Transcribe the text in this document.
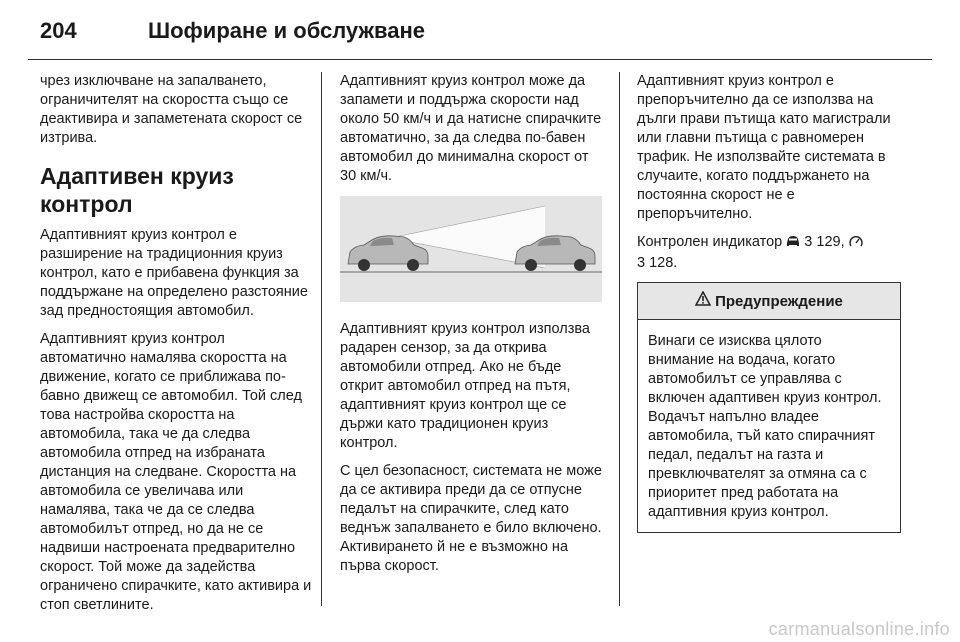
204	Шофиране и обслужване

чрез изключване на запалването, ограничителят на скоростта също се деактивира и запаметената скорост се изтрива.

Адаптивен круиз контрол

Адаптивният круиз контрол е разширение на традиционния круиз контрол, като е прибавена функция за поддържане на определено разстояние зад предностоящия автомобил.

Адаптивният круиз контрол автоматично намалява скоростта на движение, когато се приближава по-бавно движещ се автомобил. Той след това настройва скоростта на автомобила, така че да следва автомобила отпред на избраната дистанция на следване. Скоростта на автомобила се увеличава или намалява, така че да се следва автомобилът отпред, но да не се надвиши настроената предварително скорост. Той може да задейства ограничено спирачките, като активира и стоп светлините.

Адаптивният круиз контрол може да запамети и поддържа скорости над около 50 км/ч и да натисне спирачките автоматично, за да следва по-бавен автомобил до минимална скорост от 30 км/ч.

Адаптивният круиз контрол използва радарен сензор, за да открива автомобили отпред. Ако не бъде открит автомобил отпред на пътя, адаптивният круиз контрол ще се държи като традиционен круиз контрол.

С цел безопасност, системата не може да се активира преди да се отпусне педалът на спирачките, след като веднъж запалването е било включено. Активирането й не е възможно на първа скорост.

Адаптивният круиз контрол е препоръчително да се използва на дълги прави пътища като магистрали или главни пътища с равномерен трафик. Не използвайте системата в случаите, когато поддържането на постоянна скорост не е препоръчително.

Контролен индикатор 3 129,
3 128.

Предупреждение
Винаги се изисква цялото внимание на водача, когато автомобилът се управлява с включен адаптивен круиз контрол. Водачът напълно владее автомобила, тъй като спирачният педал, педалът на газта и превключвателят за отмяна са с приоритет пред работата на адаптивния круиз контрол.
carmanualsonline.info
